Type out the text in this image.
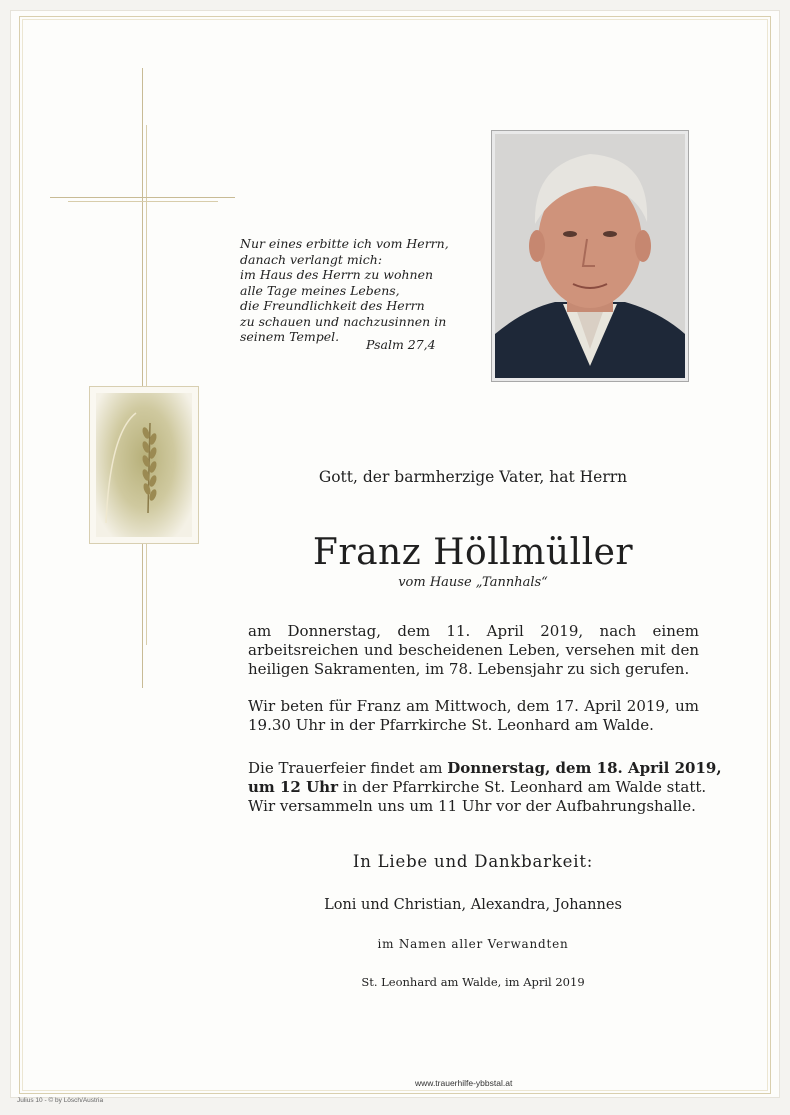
Nur eines erbitte ich vom Herrn,
danach verlangt mich:
im Haus des Herrn zu wohnen
alle Tage meines Lebens,
die Freundlichkeit des Herrn
zu schauen und nachzusinnen in
seinem Tempel.
Psalm 27,4
Gott, der barmherzige Vater, hat Herrn
Franz Höllmüller
vom Hause „Tannhals“
am Donnerstag, dem 11. April 2019, nach einem arbeitsreichen und bescheidenen Leben, versehen mit den heiligen Sakramenten, im 78. Lebensjahr zu sich gerufen.
Wir beten für Franz am Mittwoch, dem 17. April 2019, um 19.30 Uhr in der Pfarrkirche St. Leonhard am Walde.
Die Trauerfeier findet am Donnerstag, dem 18. April 2019,
um 12 Uhr in der Pfarrkirche St. Leonhard am Walde statt.
Wir versammeln uns um 11 Uhr vor der Aufbahrungshalle.
In Liebe und Dankbarkeit:
Loni und Christian, Alexandra, Johannes
im Namen aller Verwandten
St. Leonhard am Walde, im April 2019
www.trauerhilfe-ybbstal.at
Julius 10 - © by Lösch/Austria
